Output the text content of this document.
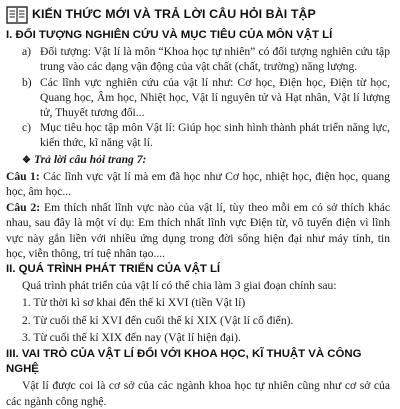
KIẾN THỨC MỚI VÀ TRẢ LỜI CÂU HỎI BÀI TẬP
I. ĐỐI TƯỢNG NGHIÊN CỨU VÀ MỤC TIÊU CỦA MÔN VẬT LÍ
a) Đối tượng: Vật lí là môn “Khoa học tự nhiên” có đối tượng nghiên cứu tập trung vào các dạng vận động của vật chất (chất, trường) năng lượng.
b) Các lĩnh vực nghiên cứu của vật lí như: Cơ học, Điện học, Điện từ học, Quang học, Âm học, Nhiệt học, Vật lí nguyên tử và Hạt nhân, Vật lí lượng tử, Thuyết tương đối...
c) Mục tiêu học tập môn Vật lí: Giúp học sinh hình thành phát triển năng lực, kiến thức, kĩ năng vật lí.
❖ Trả lời câu hỏi trang 7:
Câu 1: Các lĩnh vực vật lí mà em đã học như Cơ học, nhiệt học, điện học, quang học, âm học...
Câu 2: Em thích nhất lĩnh vực nào của vật lí, tùy theo mỗi em có sở thích khác nhau, sau đây là một ví dụ: Em thích nhất lĩnh vực Điện từ, vô tuyến điện vì lĩnh vực này gắn liền với nhiều ứng dụng trong đời sống hiện đại như máy tính, tin học, viễn thông, trí tuệ nhân tạo....
II. QUÁ TRÌNH PHÁT TRIỂN CỦA VẬT LÍ
Quá trình phát triển của vật lí có thể chia làm 3 giai đoạn chính sau:
1. Từ thời kì sơ khai đến thế kỉ XVI (tiền Vật lí)
2. Từ cuối thế kỉ XVI đến cuối thế kỉ XIX (Vật lí cổ điển).
3. Từ cuối thế kỉ XIX đến nay (Vật lí hiện đại).
III. VAI TRÒ CỦA VẬT LÍ ĐỐI VỚI KHOA HỌC, KĨ THUẬT VÀ CÔNG NGHỆ
Vật lí được coi là cơ sở của các ngành khoa học tự nhiên cũng như cơ sở của các ngành công nghệ.
